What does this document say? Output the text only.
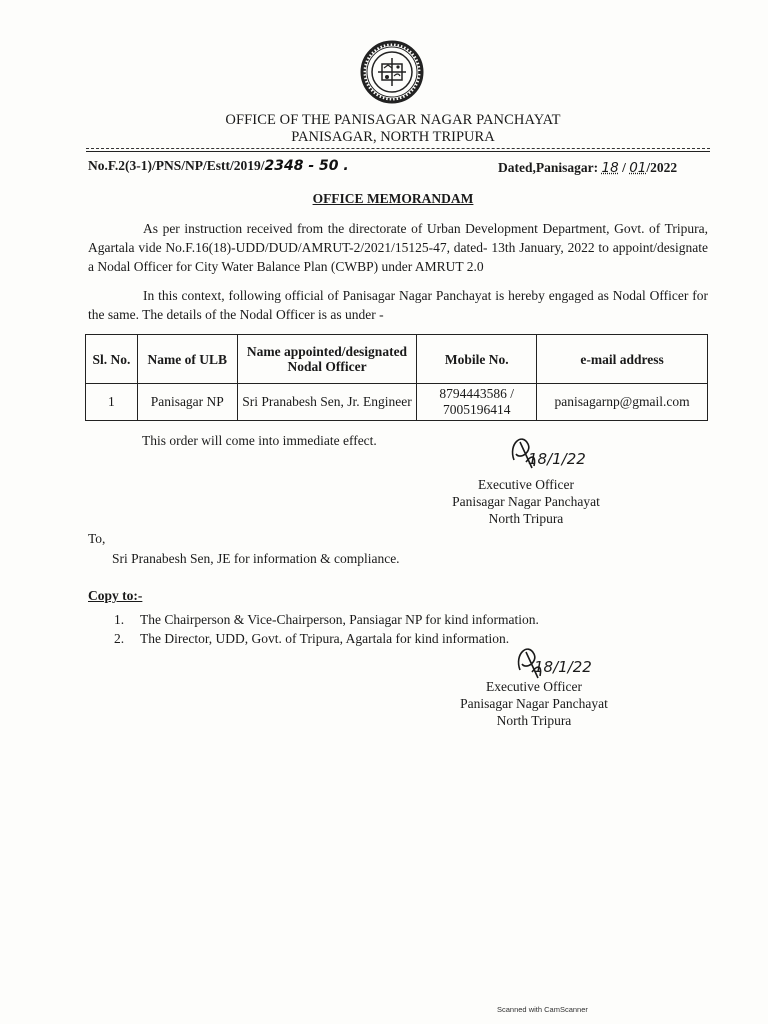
OFFICE OF THE PANISAGAR NAGAR PANCHAYAT
PANISAGAR, NORTH TRIPURA
No.F.2(3-1)/PNS/NP/Estt/2019/2348 - 50 .	Dated,Panisagar: 18 / 01/2022
OFFICE MEMORANDAM
As per instruction received from the directorate of Urban Development Department, Govt. of Tripura, Agartala vide No.F.16(18)-UDD/DUD/AMRUT-2/2021/15125-47, dated- 13th January, 2022 to appoint/designate a Nodal Officer for City Water Balance Plan (CWBP) under AMRUT 2.0
In this context, following official of Panisagar Nagar Panchayat is hereby engaged as Nodal Officer for the same. The details of the Nodal Officer is as under -
Sl. No.	Name of ULB	Name appointed/designated Nodal Officer	Mobile No.	e-mail address
1	Panisagar NP	Sri Pranabesh Sen, Jr. Engineer	8794443586 / 7005196414	panisagarnp@gmail.com
This order will come into immediate effect.
18/1/22
Executive Officer
Panisagar Nagar Panchayat
North Tripura
To,
Sri Pranabesh Sen, JE for information & compliance.
Copy to:-
1. The Chairperson & Vice-Chairperson, Pansiagar NP for kind information.
2. The Director, UDD, Govt. of Tripura, Agartala for kind information.
18/1/22
Executive Officer
Panisagar Nagar Panchayat
North Tripura
Scanned with CamScanner
